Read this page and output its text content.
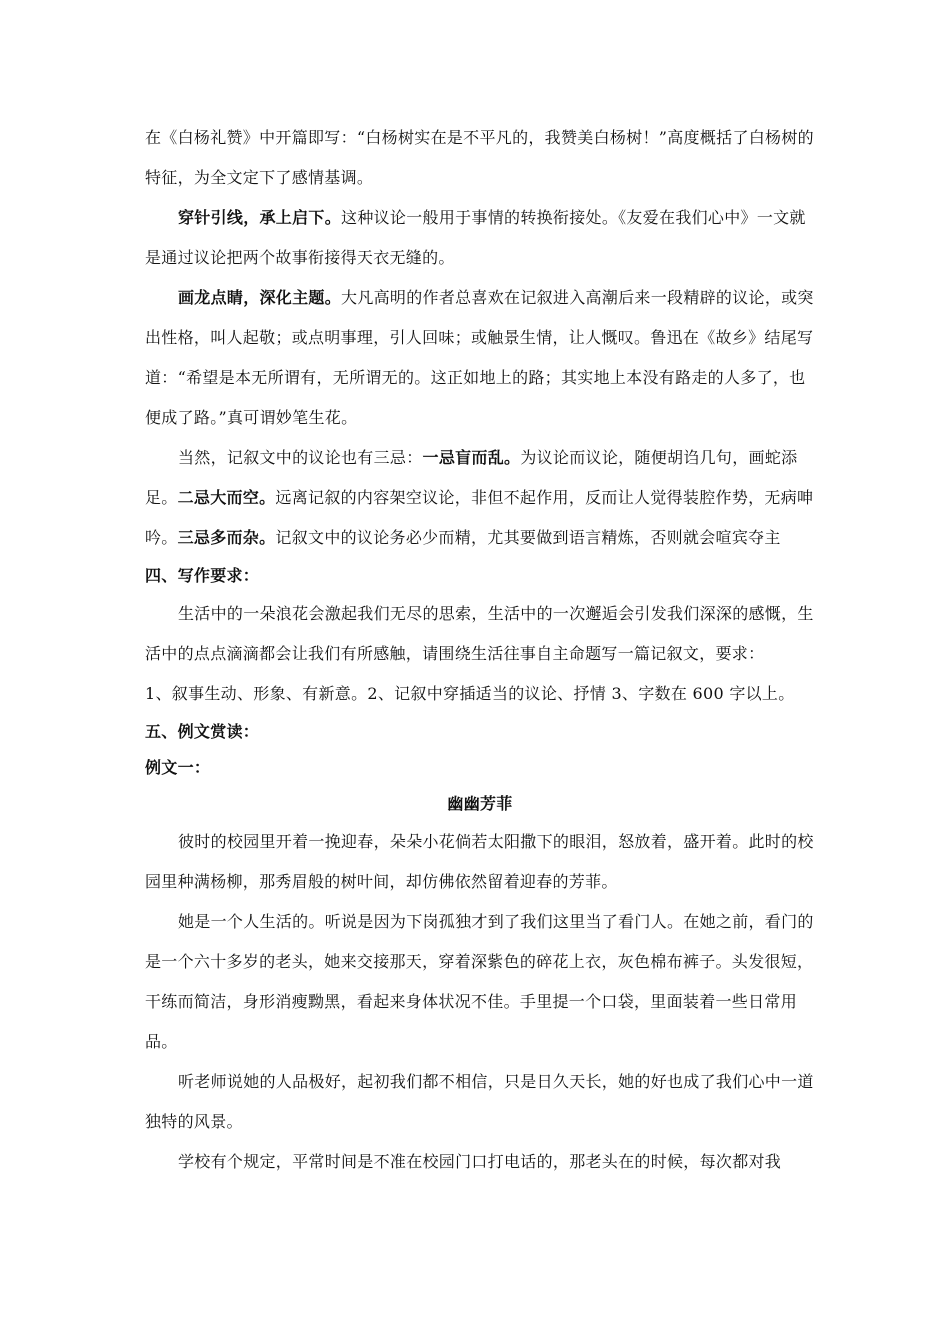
在《白杨礼赞》中开篇即写：“白杨树实在是不平凡的，我赞美白杨树！”高度概括了白杨树的特征，为全文定下了感情基调。

穿针引线，承上启下。这种议论一般用于事情的转换衔接处。《友爱在我们心中》一文就是通过议论把两个故事衔接得天衣无缝的。

画龙点睛，深化主题。大凡高明的作者总喜欢在记叙进入高潮后来一段精辟的议论，或突出性格，叫人起敬；或点明事理，引人回味；或触景生情，让人慨叹。鲁迅在《故乡》结尾写道：“希望是本无所谓有，无所谓无的。这正如地上的路；其实地上本没有路走的人多了，也便成了路。”真可谓妙笔生花。

当然，记叙文中的议论也有三忌：一忌盲而乱。为议论而议论，随便胡诌几句，画蛇添足。二忌大而空。远离记叙的内容架空议论，非但不起作用，反而让人觉得装腔作势，无病呻吟。三忌多而杂。记叙文中的议论务必少而精，尤其要做到语言精炼，否则就会喧宾夺主

四、写作要求：

生活中的一朵浪花会激起我们无尽的思索，生活中的一次邂逅会引发我们深深的感慨，生活中的点点滴滴都会让我们有所感触，请围绕生活往事自主命题写一篇记叙文，要求：

1、叙事生动、形象、有新意。2、记叙中穿插适当的议论、抒情 3、字数在 600 字以上。

五、例文赏读：

例文一：

幽幽芳菲

彼时的校园里开着一挽迎春，朵朵小花倘若太阳撒下的眼泪，怒放着，盛开着。此时的校园里种满杨柳，那秀眉般的树叶间，却仿佛依然留着迎春的芳菲。

她是一个人生活的。听说是因为下岗孤独才到了我们这里当了看门人。在她之前，看门的是一个六十多岁的老头，她来交接那天，穿着深紫色的碎花上衣，灰色棉布裤子。头发很短，干练而简洁，身形消瘦黝黑，看起来身体状况不佳。手里提一个口袋，里面装着一些日常用品。

听老师说她的人品极好，起初我们都不相信，只是日久天长，她的好也成了我们心中一道独特的风景。

学校有个规定，平常时间是不准在校园门口打电话的，那老头在的时候，每次都对我
